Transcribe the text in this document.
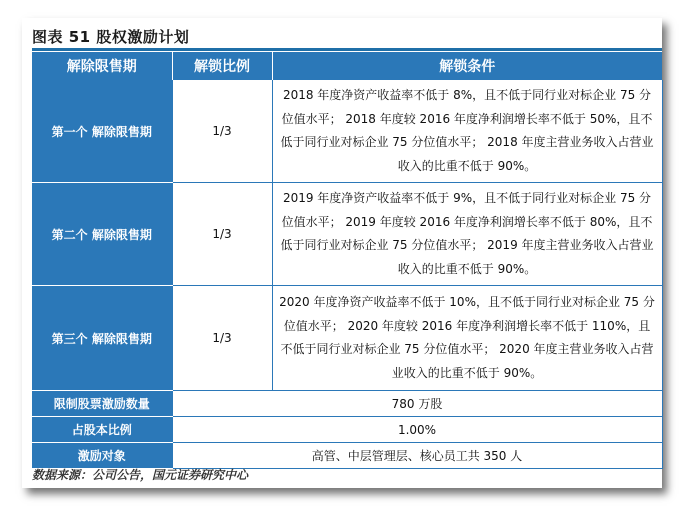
图表 51 股权激励计划
解除限售期	解锁比例	解锁条件
第一个 解除限售期	1/3	2018 年度净资产收益率不低于 8%，且不低于同行业对标企业 75 分位值水平； 2018 年度较 2016 年度净利润增长率不低于 50%，且不低于同行业对标企业 75 分位值水平； 2018 年度主营业务收入占营业收入的比重不低于 90%。
第二个 解除限售期	1/3	2019 年度净资产收益率不低于 9%，且不低于同行业对标企业 75 分位值水平； 2019 年度较 2016 年度净利润增长率不低于 80%，且不低于同行业对标企业 75 分位值水平； 2019 年度主营业务收入占营业收入的比重不低于 90%。
第三个 解除限售期	1/3	2020 年度净资产收益率不低于 10%，且不低于同行业对标企业 75 分位值水平； 2020 年度较 2016 年度净利润增长率不低于 110%，且不低于同行业对标企业 75 分位值水平； 2020 年度主营业务收入占营业收入的比重不低于 90%。
限制股票激励数量	780 万股	
占股本比例	1.00%	
激励对象	高管、中层管理层、核心员工共 350 人	
数据来源：公司公告，国元证券研究中心
